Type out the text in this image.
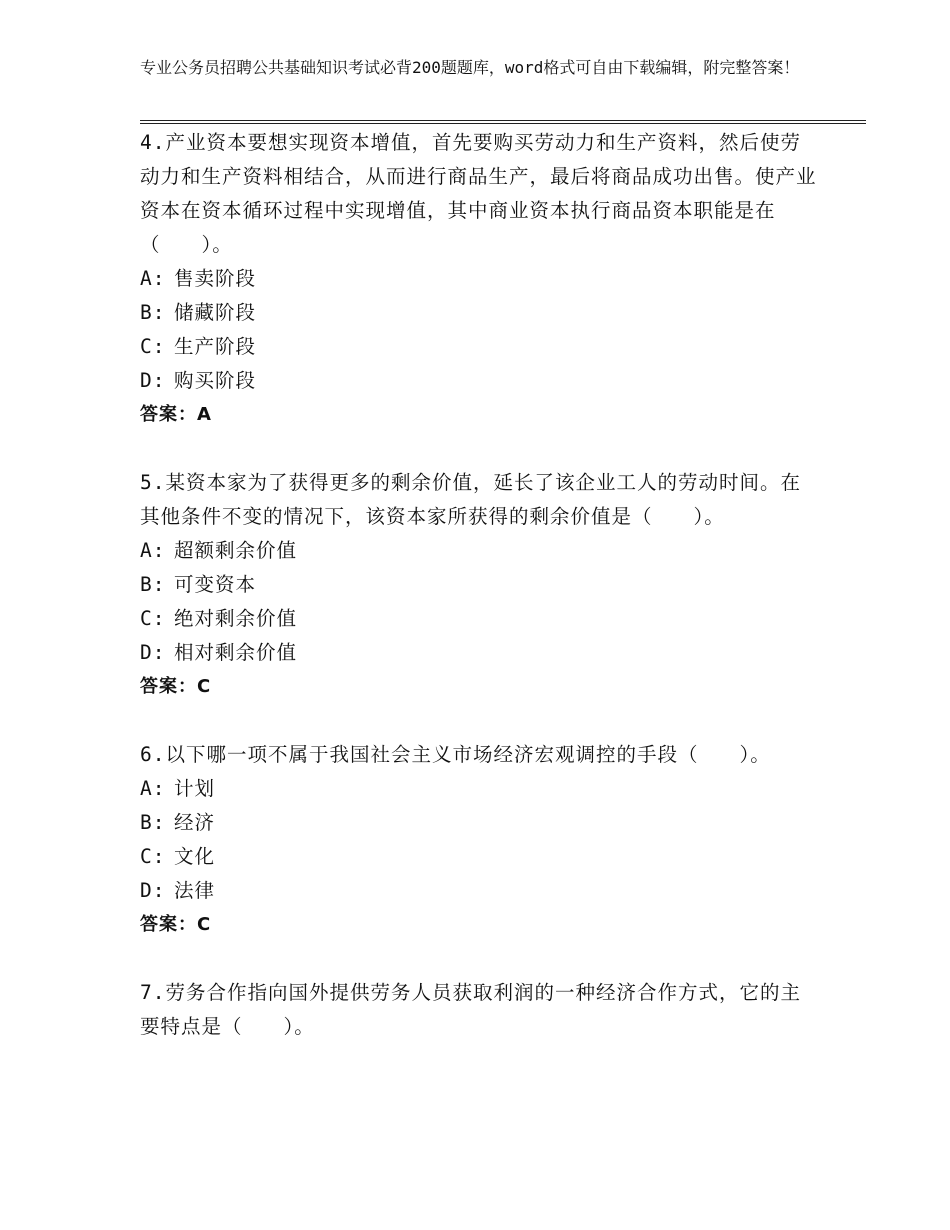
专业公务员招聘公共基础知识考试必背200题题库，word格式可自由下载编辑，附完整答案！

4.产业资本要想实现资本增值，首先要购买劳动力和生产资料，然后使劳动力和生产资料相结合，从而进行商品生产，最后将商品成功出售。使产业资本在资本循环过程中实现增值，其中商业资本执行商品资本职能是在（　　）。

A: 售卖阶段

B: 储藏阶段

C: 生产阶段

D: 购买阶段

答案：A

5.某资本家为了获得更多的剩余价值，延长了该企业工人的劳动时间。在其他条件不变的情况下，该资本家所获得的剩余价值是（　　）。

A: 超额剩余价值

B: 可变资本

C: 绝对剩余价值

D: 相对剩余价值

答案：C

6.以下哪一项不属于我国社会主义市场经济宏观调控的手段（　　）。

A: 计划

B: 经济

C: 文化

D: 法律

答案：C

7.劳务合作指向国外提供劳务人员获取利润的一种经济合作方式，它的主要特点是（　　）。
